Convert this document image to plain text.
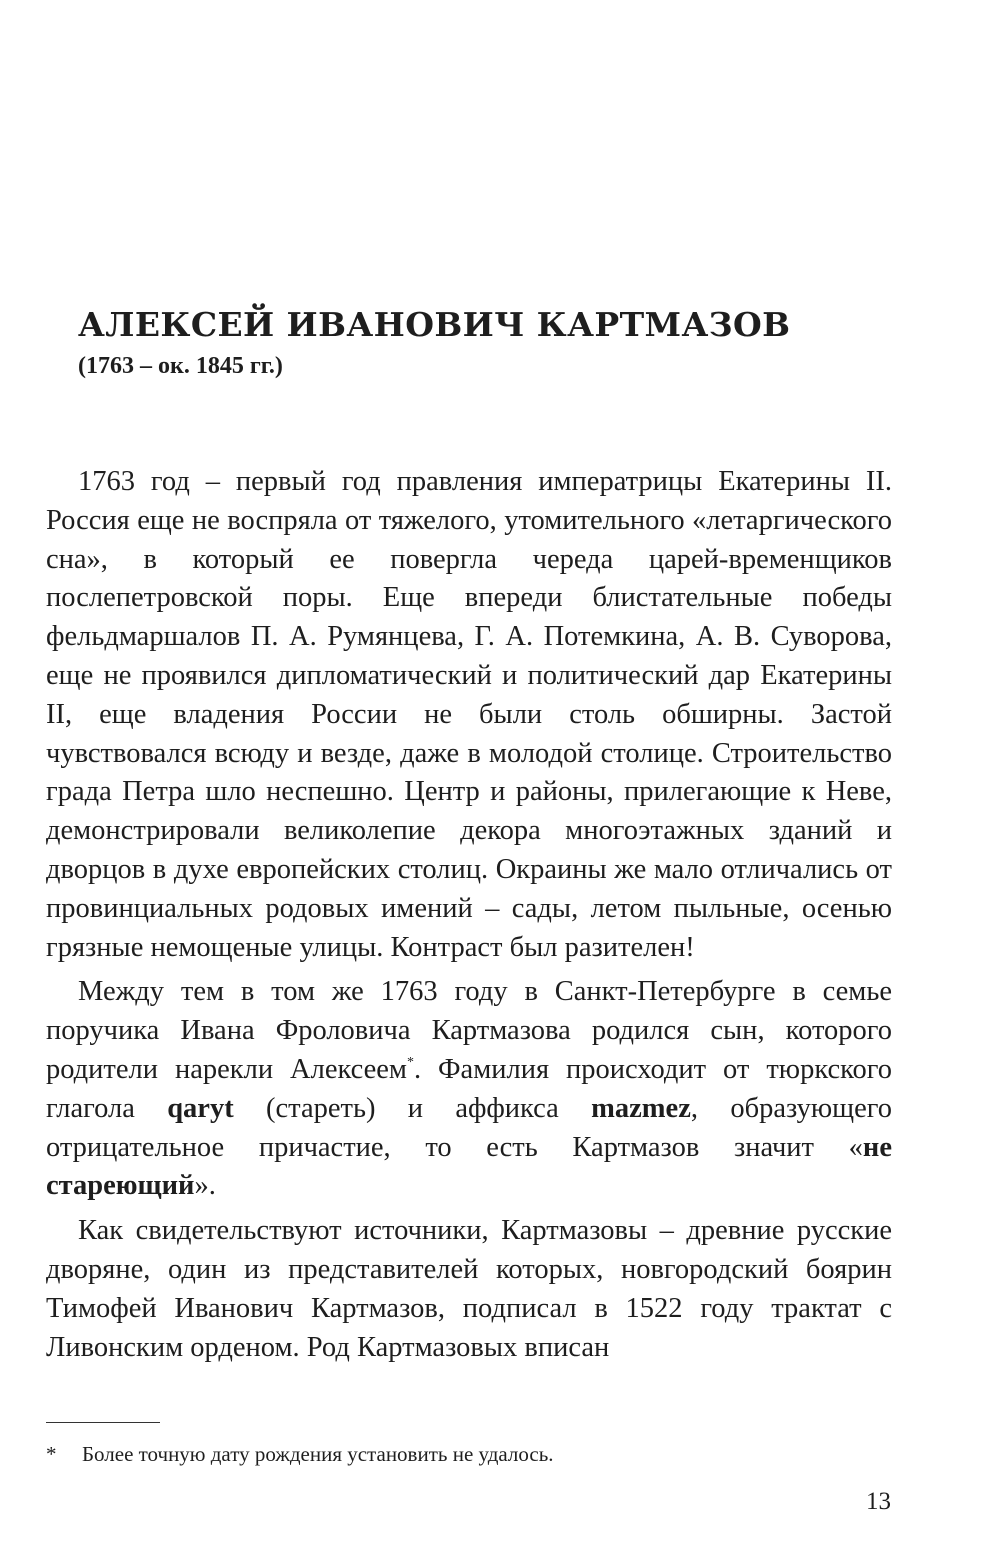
АЛЕКСЕЙ ИВАНОВИЧ КАРТМАЗОВ
(1763 – ок. 1845 гг.)

1763 год – первый год правления императрицы Екатерины II. Россия еще не воспряла от тяжелого, утомительного «летаргического сна», в который ее повергла череда царей-временщиков послепетровской поры. Еще впереди блистательные победы фельдмаршалов П. А. Румянцева, Г. А. Потемкина, А. В. Суворова, еще не проявился дипломатический и политический дар Екатерины II, еще владения России не были столь обширны. Застой чувствовался всюду и везде, даже в молодой столице. Строительство града Петра шло неспешно. Центр и районы, прилегающие к Неве, демонстрировали великолепие декора многоэтажных зданий и дворцов в духе европейских столиц. Окраины же мало отличались от провинциальных родовых имений – сады, летом пыльные, осенью грязные немощеные улицы. Контраст был разителен!

Между тем в том же 1763 году в Санкт-Петербурге в семье поручика Ивана Фроловича Картмазова родился сын, которого родители нарекли Алексеем*. Фамилия происходит от тюркского глагола qaryt (стареть) и аффикса mazmez, образующего отрицательное причастие, то есть Картмазов значит «не стареющий».

Как свидетельствуют источники, Картмазовы – древние русские дворяне, один из представителей которых, новгородский боярин Тимофей Иванович Картмазов, подписал в 1522 году трактат с Ливонским орденом. Род Картмазовых вписан

* Более точную дату рождения установить не удалось.
13
